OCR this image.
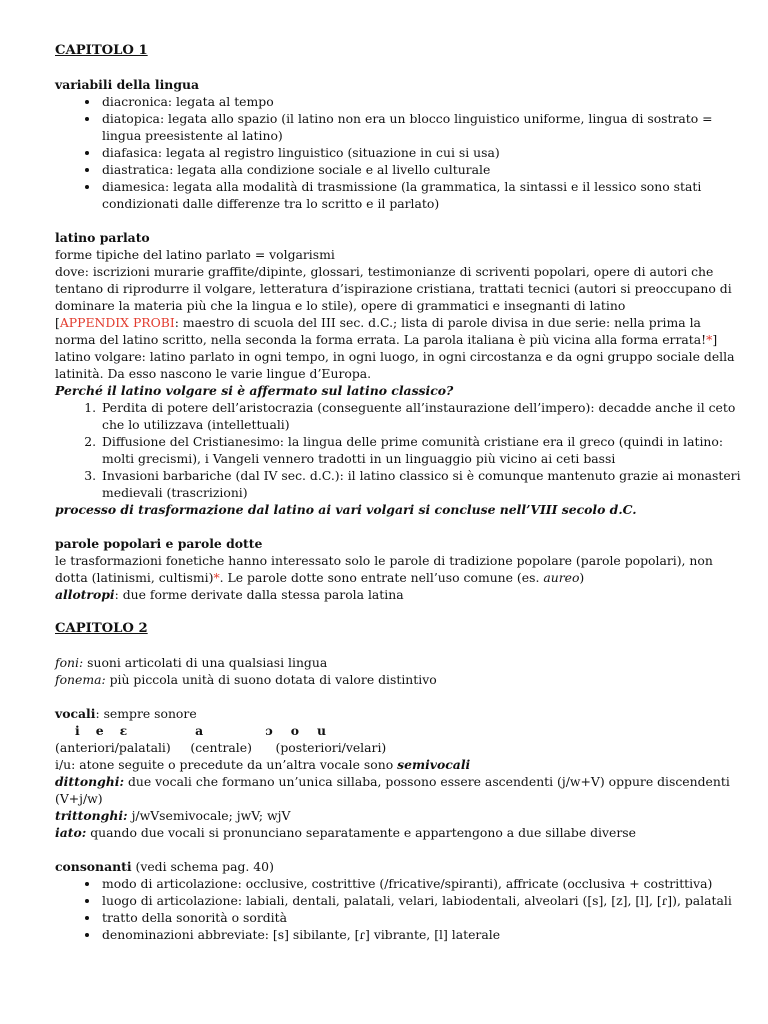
CAPITOLO 1

variabili della lingua

• diacronica: legata al tempo
• diatopica: legata allo spazio (il latino non era un blocco linguistico uniforme, lingua di sostrato = lingua preesistente al latino)
• diafasica: legata al registro linguistico (situazione in cui si usa)
• diastratica: legata alla condizione sociale e al livello culturale
• diamesica: legata alla modalità di trasmissione (la grammatica, la sintassi e il lessico sono stati condizionati dalle differenze tra lo scritto e il parlato)

latino parlato

forme tipiche del latino parlato = volgarismi

dove: iscrizioni murarie graffite/dipinte, glossari, testimonianze di scriventi popolari, opere di autori che tentano di riprodurre il volgare, letteratura d’ispirazione cristiana, trattati tecnici (autori si preoccupano di dominare la materia più che la lingua e lo stile), opere di grammatici e insegnanti di latino

[APPENDIX PROBI: maestro di scuola del III sec. d.C.; lista di parole divisa in due serie: nella prima la norma del latino scritto, nella seconda la forma errata. La parola italiana è più vicina alla forma errata!*]

latino volgare: latino parlato in ogni tempo, in ogni luogo, in ogni circostanza e da ogni gruppo sociale della latinità. Da esso nascono le varie lingue d’Europa.

Perché il latino volgare si è affermato sul latino classico?

1. Perdita di potere dell’aristocrazia (conseguente all’instaurazione dell’impero): decadde anche il ceto che lo utilizzava (intellettuali)
2. Diffusione del Cristianesimo: la lingua delle prime comunità cristiane era il greco (quindi in latino: molti grecismi), i Vangeli vennero tradotti in un linguaggio più vicino ai ceti bassi
3. Invasioni barbariche (dal IV sec. d.C.): il latino classico si è comunque mantenuto grazie ai monasteri medievali (trascrizioni)

processo di trasformazione dal latino ai vari volgari si concluse nell’VIII secolo d.C.

parole popolari e parole dotte

le trasformazioni fonetiche hanno interessato solo le parole di tradizione popolare (parole popolari), non dotta (latinismi, cultismi)*. Le parole dotte sono entrate nell’uso comune (es. aureo)

allotropi: due forme derivate dalla stessa parola latina

CAPITOLO 2

foni: suoni articolati di una qualsiasi lingua

fonema: più piccola unità di suono dotata di valore distintivo

vocali: sempre sonore

i e ɛ	a	ɔ o u

(anteriori/palatali)     (centrale)      (posteriori/velari)

i/u: atone seguite o precedute da un’altra vocale sono semivocali

dittonghi: due vocali che formano un’unica sillaba, possono essere ascendenti (j/w+V) oppure discendenti (V+j/w)

trittonghi: j/wVsemivocale; jwV; wjV

iato: quando due vocali si pronunciano separatamente e appartengono a due sillabe diverse

consonanti (vedi schema pag. 40)

• modo di articolazione: occlusive, costrittive (/fricative/spiranti), affricate (occlusiva + costrittiva)
• luogo di articolazione: labiali, dentali, palatali, velari, labiodentali, alveolari ([s], [z], [l], [ɾ]), palatali
• tratto della sonorità o sordità
• denominazioni abbreviate: [s] sibilante, [ɾ] vibrante, [l] laterale
